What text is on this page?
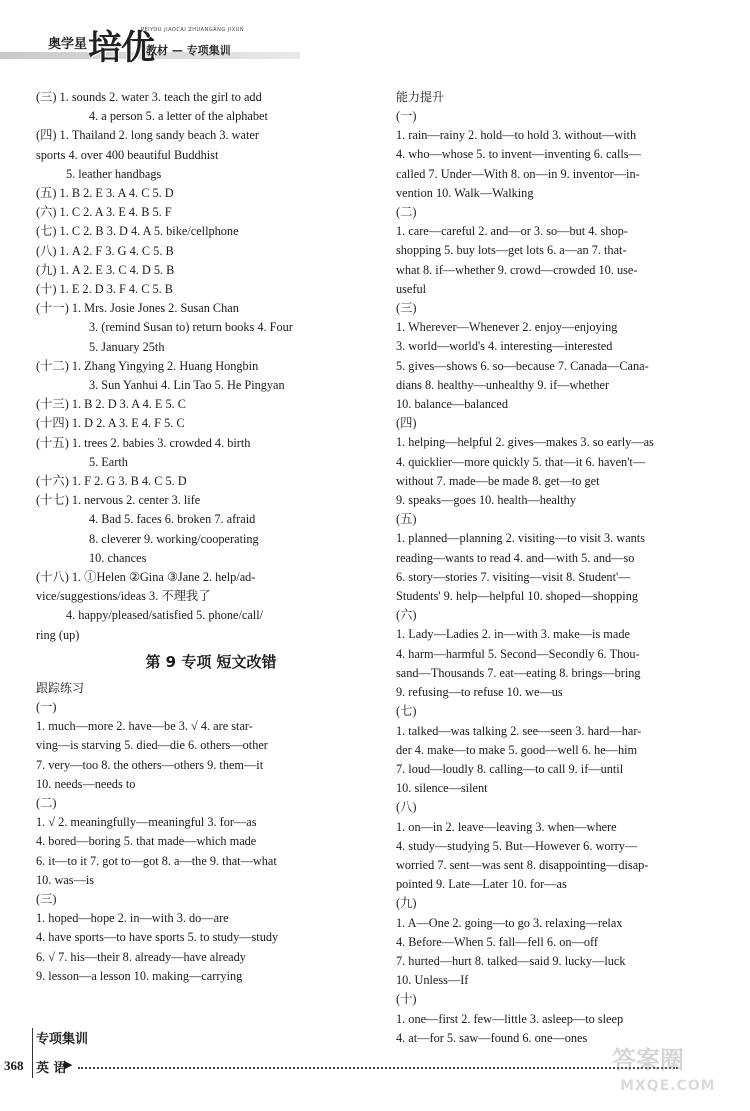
奥学星 培优
PEIYOU JIAOCAI ZHUANGANG JIXUN
教材 — 专项集训
(三) 1. sounds 2. water 3. teach the girl to add
4. a person 5. a letter of the alphabet
(四) 1. Thailand 2. long sandy beach 3. water
sports 4. over 400 beautiful Buddhist
5. leather handbags
(五) 1. B 2. E 3. A 4. C 5. D
(六) 1. C 2. A 3. E 4. B 5. F
(七) 1. C 2. B 3. D 4. A 5. bike/cellphone
(八) 1. A 2. F 3. G 4. C 5. B
(九) 1. A 2. E 3. C 4. D 5. B
(十) 1. E 2. D 3. F 4. C 5. B
(十一) 1. Mrs. Josie Jones 2. Susan Chan
3. (remind Susan to) return books 4. Four
5. January 25th
(十二) 1. Zhang Yingying 2. Huang Hongbin
3. Sun Yanhui 4. Lin Tao 5. He Pingyan
(十三) 1. B 2. D 3. A 4. E 5. C
(十四) 1. D 2. A 3. E 4. F 5. C
(十五) 1. trees 2. babies 3. crowded 4. birth
5. Earth
(十六) 1. F 2. G 3. B 4. C 5. D
(十七) 1. nervous 2. center 3. life
4. Bad 5. faces 6. broken 7. afraid
8. cleverer 9. working/cooperating
10. chances
(十八) 1. ①Helen ②Gina ③Jane 2. help/ad-
vice/suggestions/ideas 3. 不理我了
4. happy/pleased/satisfied 5. phone/call/
ring (up)
第 9 专项 短文改错
跟踪练习
(一)
1. much—more 2. have—be 3. √ 4. are star-
ving—is starving 5. died—die 6. others—other
7. very—too 8. the others—others 9. them—it
10. needs—needs to
(二)
1. √ 2. meaningfully—meaningful 3. for—as
4. bored—boring 5. that made—which made
6. it—to it 7. got to—got 8. a—the 9. that—what
10. was—is
(三)
1. hoped—hope 2. in—with 3. do—are
4. have sports—to have sports 5. to study—study
6. √ 7. his—their 8. already—have already
9. lesson—a lesson 10. making—carrying
能力提升
(一)
1. rain—rainy 2. hold—to hold 3. without—with
4. who—whose 5. to invent—inventing 6. calls—
called 7. Under—With 8. on—in 9. inventor—in-
vention 10. Walk—Walking
(二)
1. care—careful 2. and—or 3. so—but 4. shop-
shopping 5. buy lots—get lots 6. a—an 7. that-
what 8. if—whether 9. crowd—crowded 10. use-
useful
(三)
1. Wherever—Whenever 2. enjoy—enjoying
3. world—world's 4. interesting—interested
5. gives—shows 6. so—because 7. Canada—Cana-
dians 8. healthy—unhealthy 9. if—whether
10. balance—balanced
(四)
1. helping—helpful 2. gives—makes 3. so early—as
4. quicklier—more quickly 5. that—it 6. haven't—
without 7. made—be made 8. get—to get
9. speaks—goes 10. health—healthy
(五)
1. planned—planning 2. visiting—to visit 3. wants
reading—wants to read 4. and—with 5. and—so
6. story—stories 7. visiting—visit 8. Student'—
Students' 9. help—helpful 10. shoped—shopping
(六)
1. Lady—Ladies 2. in—with 3. make—is made
4. harm—harmful 5. Second—Secondly 6. Thou-
sand—Thousands 7. eat—eating 8. brings—bring
9. refusing—to refuse 10. we—us
(七)
1. talked—was talking 2. see—seen 3. hard—har-
der 4. make—to make 5. good—well 6. he—him
7. loud—loudly 8. calling—to call 9. if—until
10. silence—silent
(八)
1. on—in 2. leave—leaving 3. when—where
4. study—studying 5. But—However 6. worry—
worried 7. sent—was sent 8. disappointing—disap-
pointed 9. Late—Later 10. for—as
(九)
1. A—One 2. going—to go 3. relaxing—relax
4. Before—When 5. fall—fell 6. on—off
7. hurted—hurt 8. talked—said 9. lucky—luck
10. Unless—If
(十)
1. one—first 2. few—little 3. asleep—to sleep
4. at—for 5. saw—found 6. one—ones
专项集训
368 英 语
▶	答案圈
MXQE.COM
